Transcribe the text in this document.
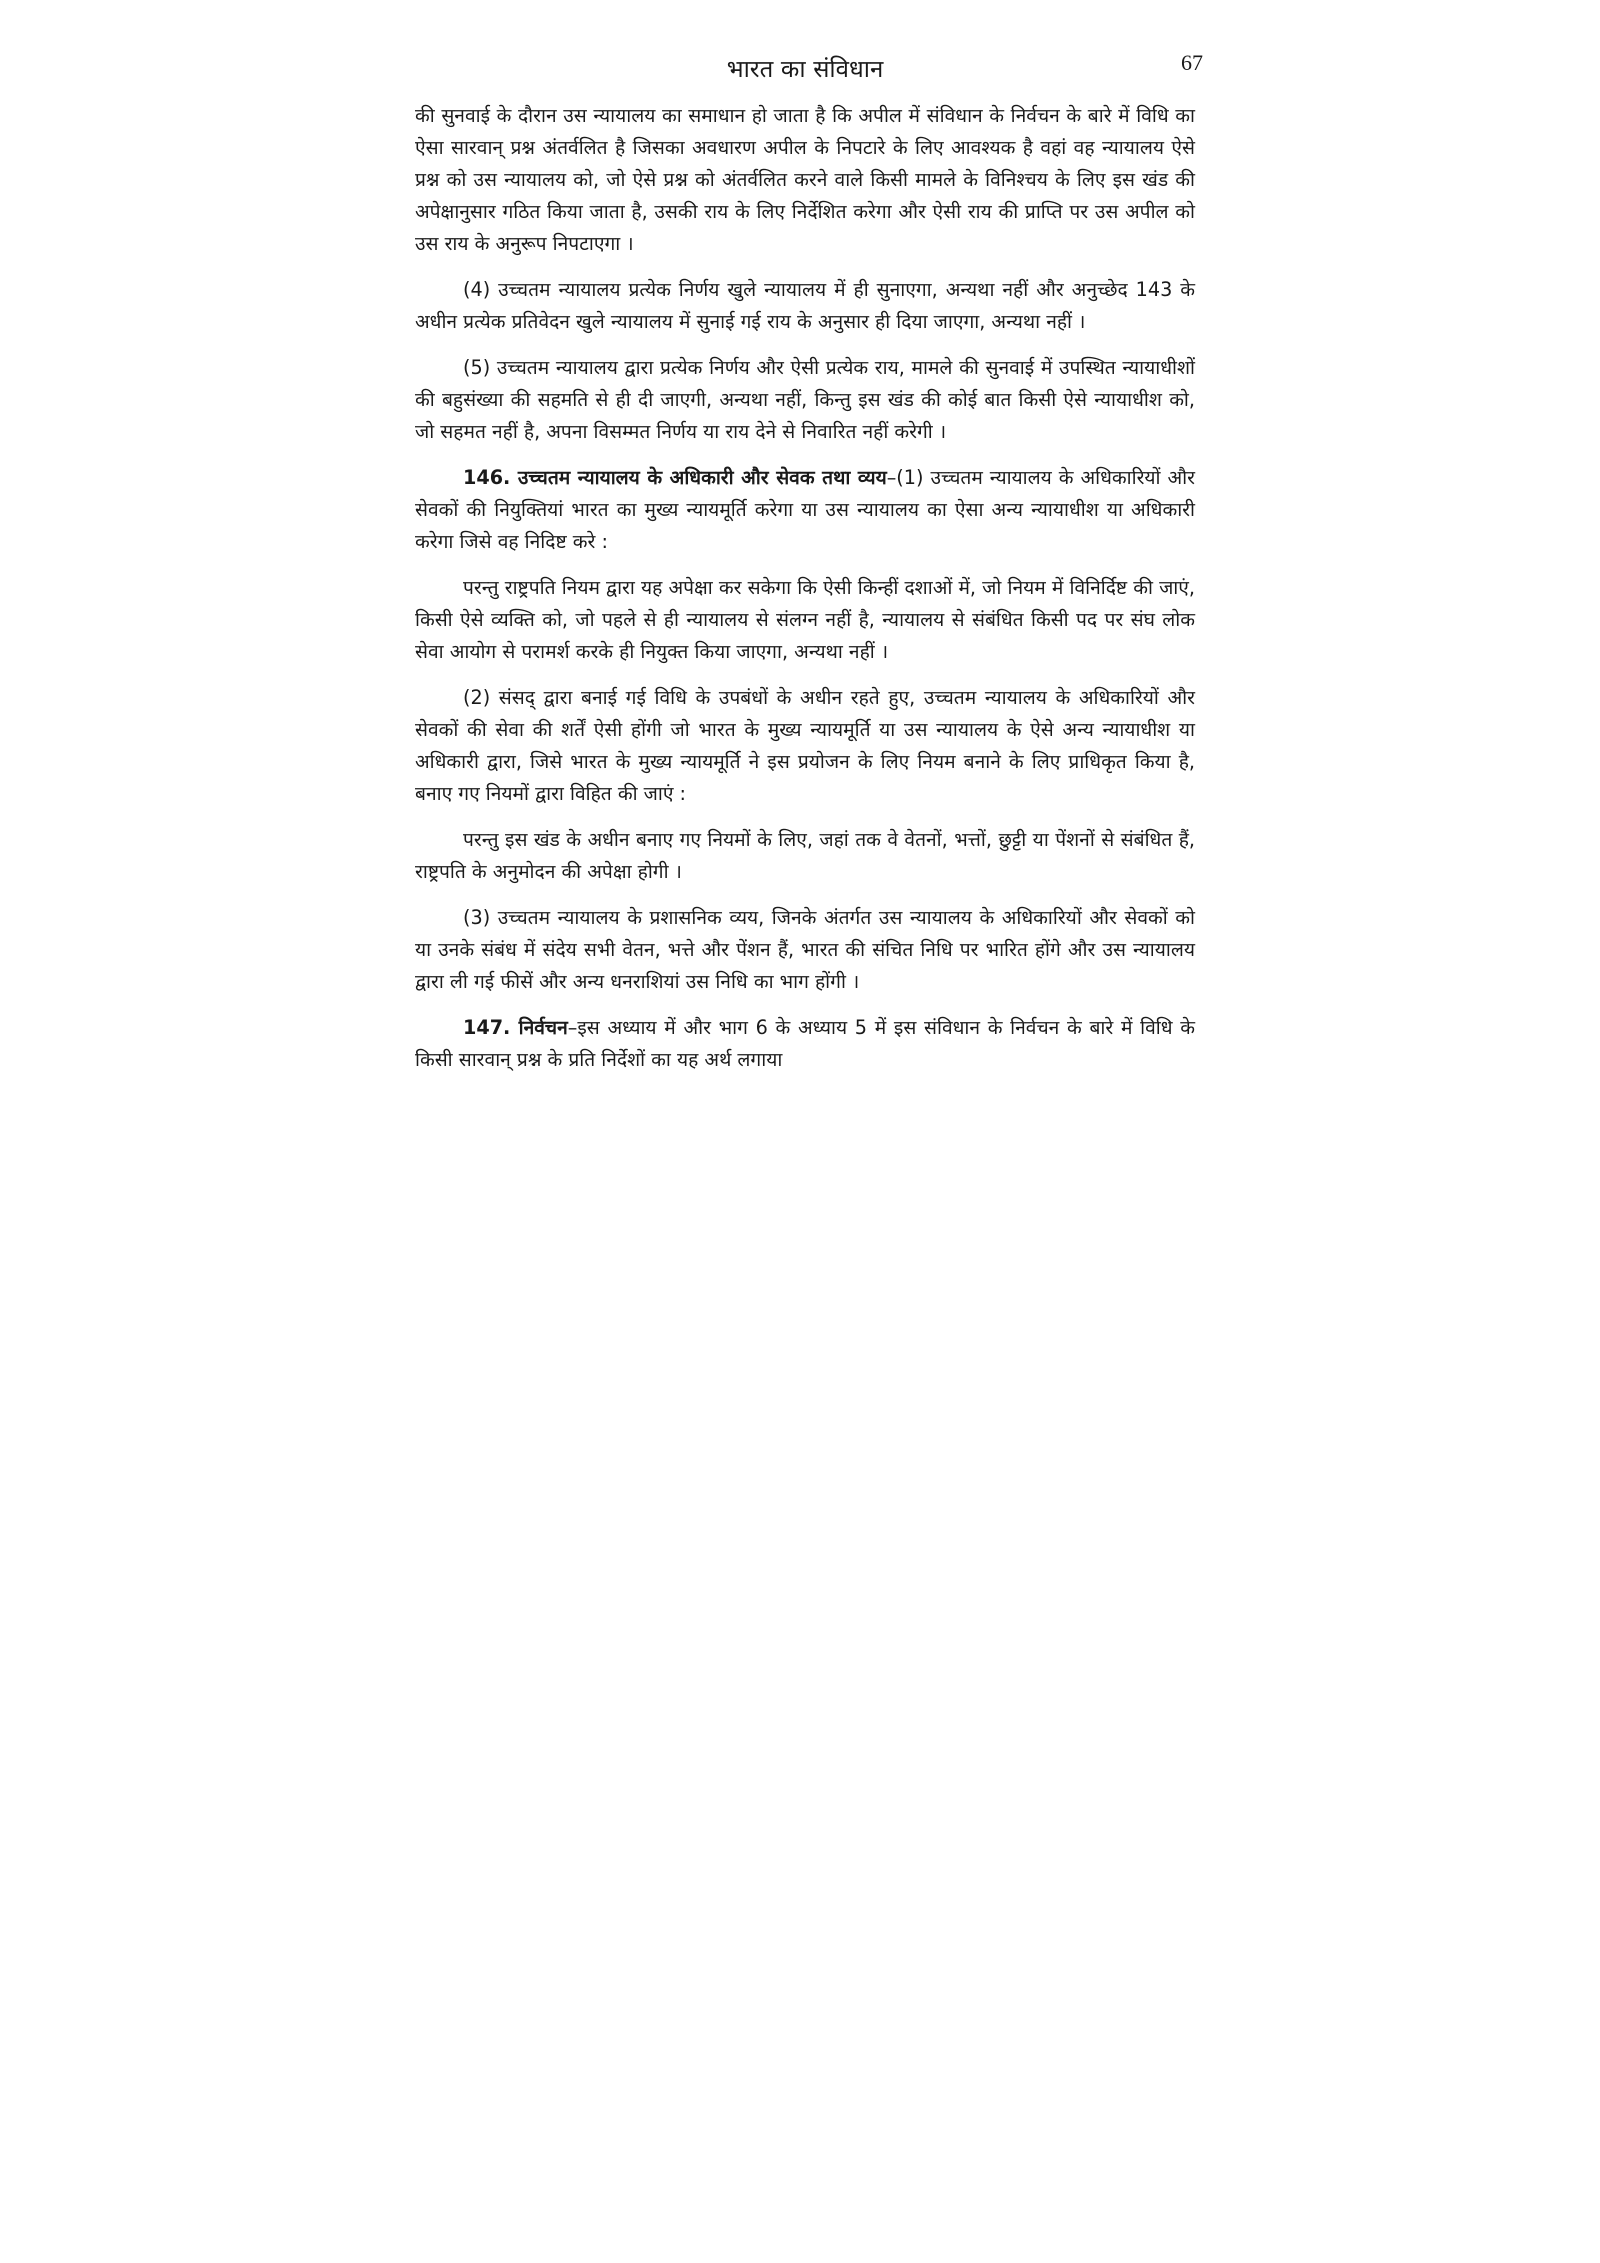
भारत का संविधान	67

की सुनवाई के दौरान उस न्यायालय का समाधान हो जाता है कि अपील में संविधान के निर्वचन के बारे में विधि का ऐसा सारवान् प्रश्न अंतर्वलित है जिसका अवधारण अपील के निपटारे के लिए आवश्यक है वहां वह न्यायालय ऐसे प्रश्न को उस न्यायालय को, जो ऐसे प्रश्न को अंतर्वलित करने वाले किसी मामले के विनिश्चय के लिए इस खंड की अपेक्षानुसार गठित किया जाता है, उसकी राय के लिए निर्देशित करेगा और ऐसी राय की प्राप्ति पर उस अपील को उस राय के अनुरूप निपटाएगा ।

(4) उच्चतम न्यायालय प्रत्येक निर्णय खुले न्यायालय में ही सुनाएगा, अन्यथा नहीं और अनुच्छेद 143 के अधीन प्रत्येक प्रतिवेदन खुले न्यायालय में सुनाई गई राय के अनुसार ही दिया जाएगा, अन्यथा नहीं ।

(5) उच्चतम न्यायालय द्वारा प्रत्येक निर्णय और ऐसी प्रत्येक राय, मामले की सुनवाई में उपस्थित न्यायाधीशों की बहुसंख्या की सहमति से ही दी जाएगी, अन्यथा नहीं, किन्तु इस खंड की कोई बात किसी ऐसे न्यायाधीश को, जो सहमत नहीं है, अपना विसम्मत निर्णय या राय देने से निवारित नहीं करेगी ।

146. उच्चतम न्यायालय के अधिकारी और सेवक तथा व्यय–(1) उच्चतम न्यायालय के अधिकारियों और सेवकों की नियुक्तियां भारत का मुख्य न्यायमूर्ति करेगा या उस न्यायालय का ऐसा अन्य न्यायाधीश या अधिकारी करेगा जिसे वह निदिष्ट करे :

परन्तु राष्ट्रपति नियम द्वारा यह अपेक्षा कर सकेगा कि ऐसी किन्हीं दशाओं में, जो नियम में विनिर्दिष्ट की जाएं, किसी ऐसे व्यक्ति को, जो पहले से ही न्यायालय से संलग्न नहीं है, न्यायालय से संबंधित किसी पद पर संघ लोक सेवा आयोग से परामर्श करके ही नियुक्त किया जाएगा, अन्यथा नहीं ।

(2) संसद् द्वारा बनाई गई विधि के उपबंधों के अधीन रहते हुए, उच्चतम न्यायालय के अधिकारियों और सेवकों की सेवा की शर्तें ऐसी होंगी जो भारत के मुख्य न्यायमूर्ति या उस न्यायालय के ऐसे अन्य न्यायाधीश या अधिकारी द्वारा, जिसे भारत के मुख्य न्यायमूर्ति ने इस प्रयोजन के लिए नियम बनाने के लिए प्राधिकृत किया है, बनाए गए नियमों द्वारा विहित की जाएं :

परन्तु इस खंड के अधीन बनाए गए नियमों के लिए, जहां तक वे वेतनों, भत्तों, छुट्टी या पेंशनों से संबंधित हैं, राष्ट्रपति के अनुमोदन की अपेक्षा होगी ।

(3) उच्चतम न्यायालय के प्रशासनिक व्यय, जिनके अंतर्गत उस न्यायालय के अधिकारियों और सेवकों को या उनके संबंध में संदेय सभी वेतन, भत्ते और पेंशन हैं, भारत की संचित निधि पर भारित होंगे और उस न्यायालय द्वारा ली गई फीसें और अन्य धनराशियां उस निधि का भाग होंगी ।

147. निर्वचन–इस अध्याय में और भाग 6 के अध्याय 5 में इस संविधान के निर्वचन के बारे में विधि के किसी सारवान् प्रश्न के प्रति निर्देशों का यह अर्थ लगाया
